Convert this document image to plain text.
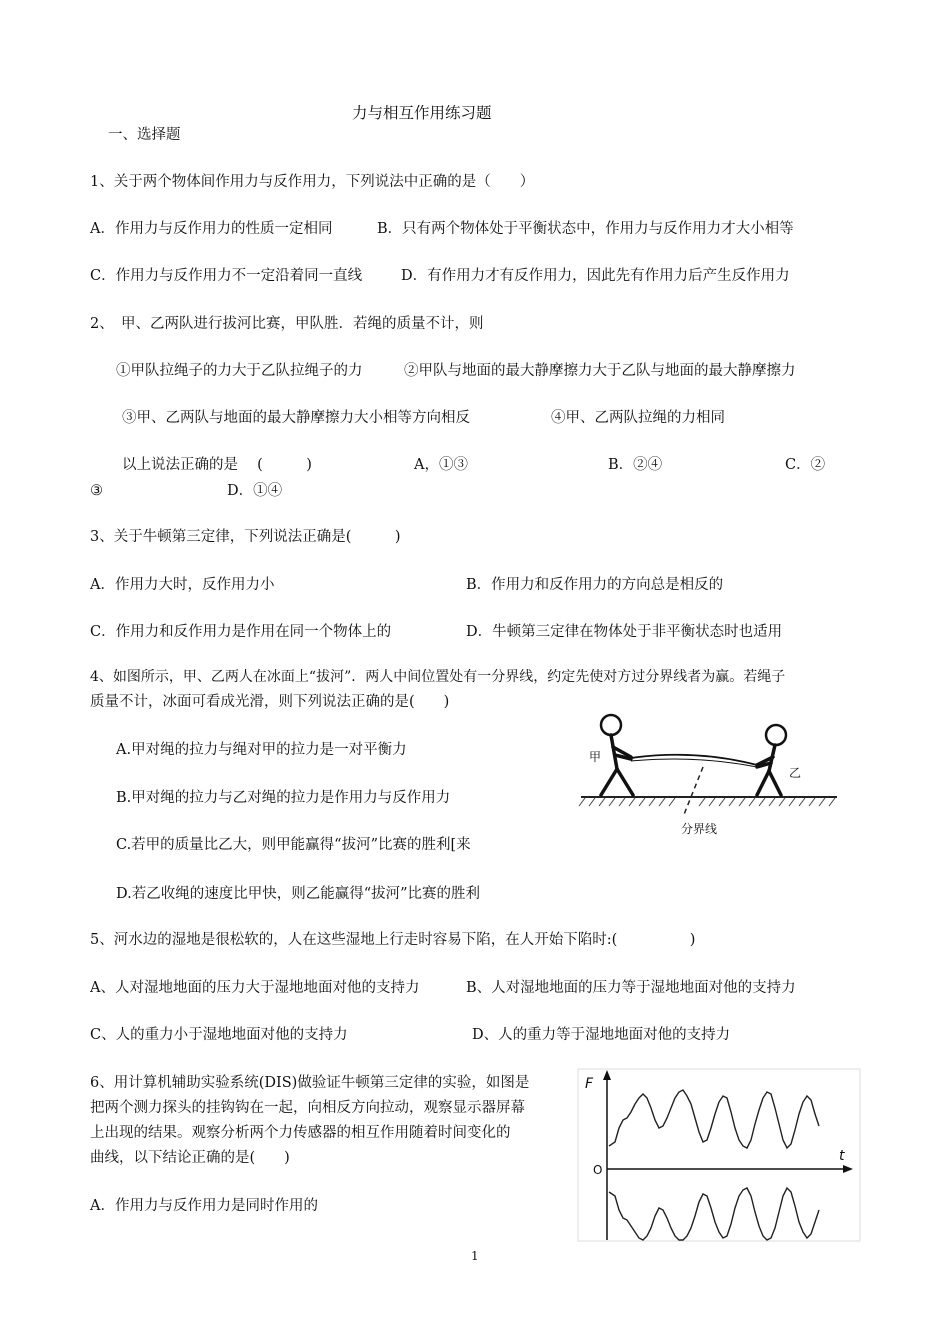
力与相互作用练习题
一、选择题
1、关于两个物体间作用力与反作用力，下列说法中正确的是（　　）
A．作用力与反作用力的性质一定相同	B．只有两个物体处于平衡状态中，作用力与反作用力才大小相等
C．作用力与反作用力不一定沿着同一直线	D．有作用力才有反作用力，因此先有作用力后产生反作用力
2、　甲、乙两队进行拔河比赛，甲队胜．若绳的质量不计，则
①甲队拉绳子的力大于乙队拉绳子的力	②甲队与地面的最大静摩擦力大于乙队与地面的最大静摩擦力
③甲、乙两队与地面的最大静摩擦力大小相等方向相反	④甲、乙两队拉绳的力相同
以上说法正确的是　 (　　　)	A，①③	B．②④	C．②
③	D．①④
3、关于牛顿第三定律，下列说法正确是(　　　)
A．作用力大时，反作用力小	B．作用力和反作用力的方向总是相反的
C．作用力和反作用力是作用在同一个物体上的	D．牛顿第三定律在物体处于非平衡状态时也适用
4、如图所示，甲、乙两人在冰面上“拔河”．两人中间位置处有一分界线，约定先使对方过分界线者为赢。若绳子
质量不计，冰面可看成光滑，则下列说法正确的是(　　)
A.甲对绳的拉力与绳对甲的拉力是一对平衡力
B.甲对绳的拉力与乙对绳的拉力是作用力与反作用力
C.若甲的质量比乙大，则甲能赢得“拔河”比赛的胜利[来
D.若乙收绳的速度比甲快，则乙能赢得“拔河”比赛的胜利
甲
乙
分界线
5、河水边的湿地是很松软的，人在这些湿地上行走时容易下陷，在人开始下陷时:(　　　　　)
A、人对湿地地面的压力大于湿地地面对他的支持力	B、人对湿地地面的压力等于湿地地面对他的支持力
C、人的重力小于湿地地面对他的支持力	D、人的重力等于湿地地面对他的支持力
6、用计算机辅助实验系统(DIS)做验证牛顿第三定律的实验，如图是
把两个测力探头的挂钩钩在一起，向相反方向拉动，观察显示器屏幕
上出现的结果。观察分析两个力传感器的相互作用随着时间变化的
曲线，以下结论正确的是(　　)
A．作用力与反作用力是同时作用的
F
t
O
1
